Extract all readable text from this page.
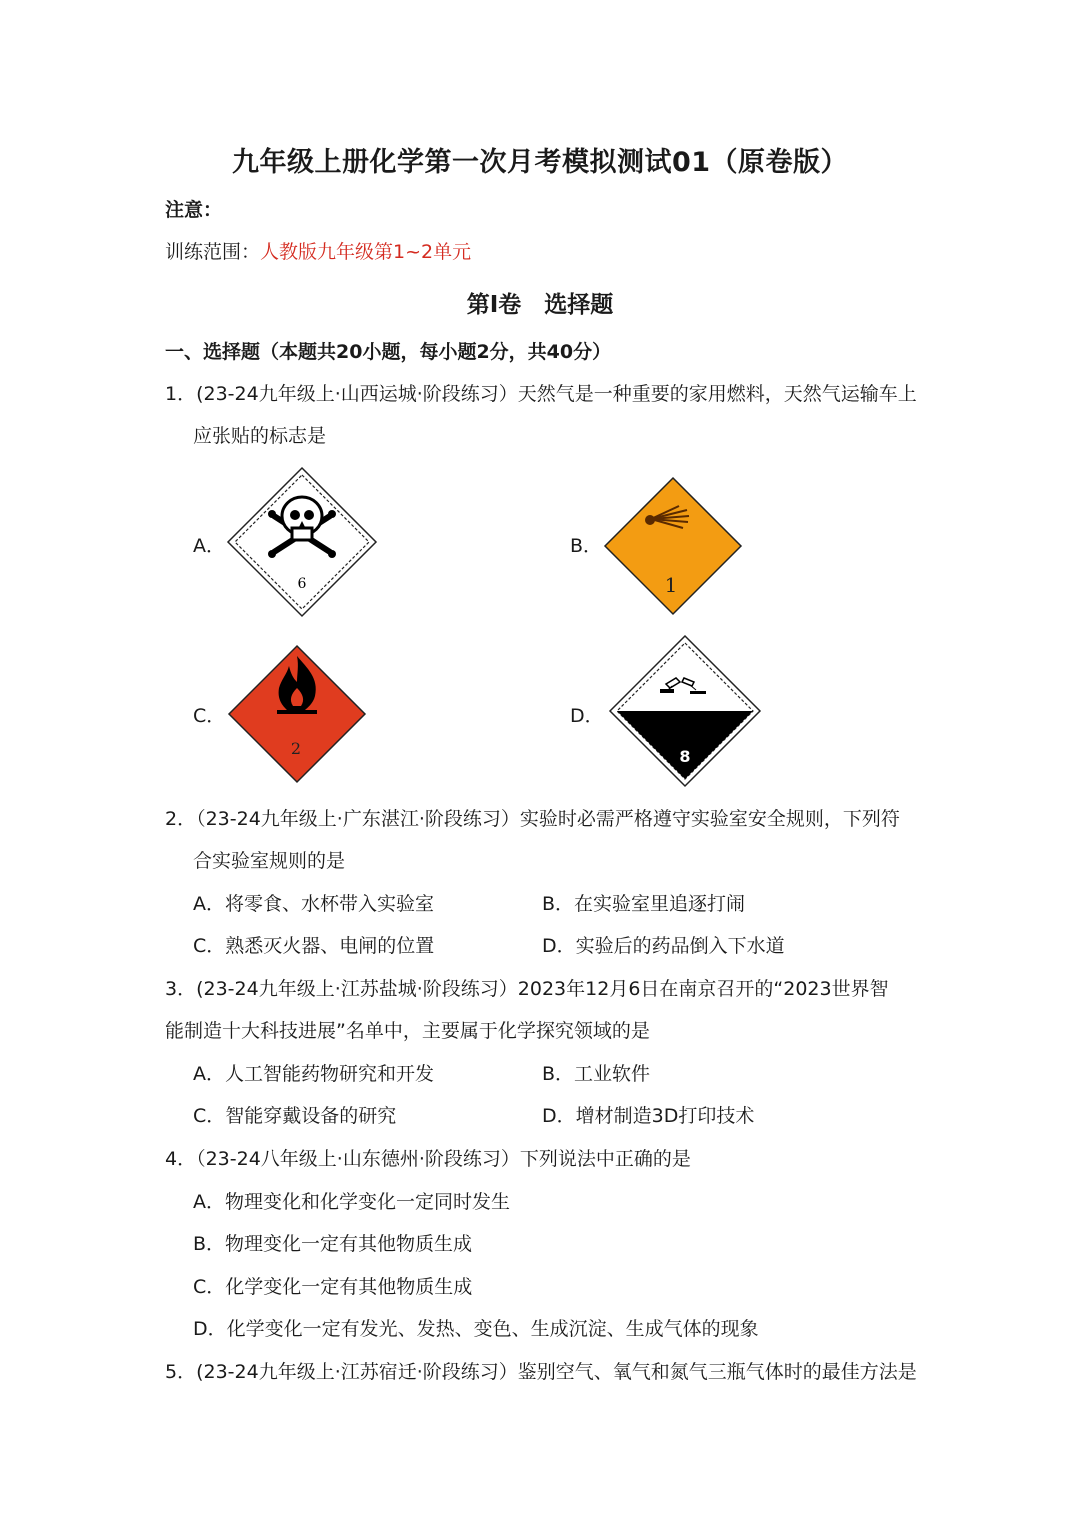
九年级上册化学第一次月考模拟测试01（原卷版）
注意：
训练范围：人教版九年级第1~2单元
第Ⅰ卷　选择题
一、选择题（本题共20小题，每小题2分，共40分）
1．(23-24九年级上·山西运城·阶段练习）天然气是一种重要的家用燃料，天然气运输车上
应张贴的标志是
A．	B．
C．	D．
6	1
2	8
2．（23-24九年级上·广东湛江·阶段练习）实验时必需严格遵守实验室安全规则，下列符
合实验室规则的是
A．将零食、水杯带入实验室	B．在实验室里追逐打闹
C．熟悉灭火器、电闸的位置	D．实验后的药品倒入下水道
3．(23-24九年级上·江苏盐城·阶段练习）2023年12月6日在南京召开的“2023世界智
能制造十大科技进展”名单中，主要属于化学探究领域的是
A．人工智能药物研究和开发	B．工业软件
C．智能穿戴设备的研究	D．增材制造3D打印技术
4．（23-24八年级上·山东德州·阶段练习）下列说法中正确的是
A．物理变化和化学变化一定同时发生
B．物理变化一定有其他物质生成
C．化学变化一定有其他物质生成
D．化学变化一定有发光、发热、变色、生成沉淀、生成气体的现象
5．(23-24九年级上·江苏宿迁·阶段练习）鉴别空气、氧气和氮气三瓶气体时的最佳方法是
